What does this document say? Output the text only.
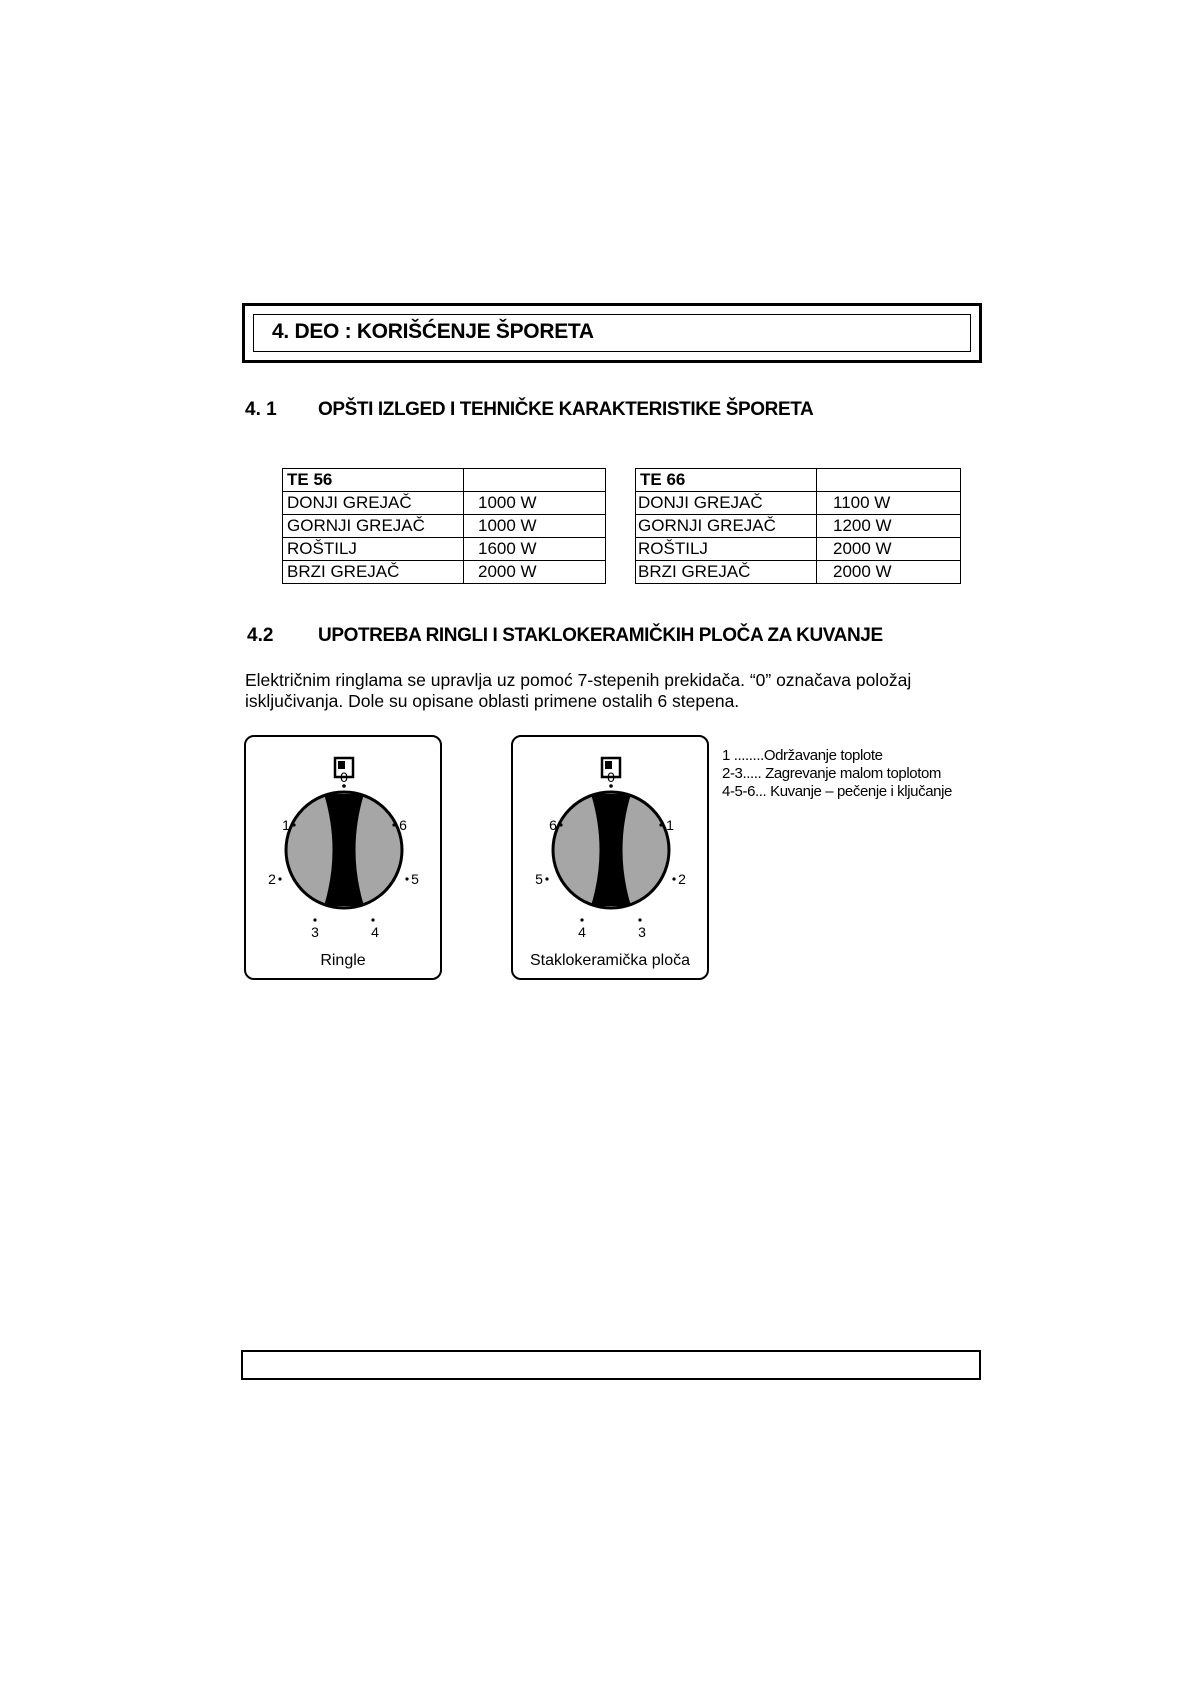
4. DEO : KORIŠĆENJE ŠPORETA
4. 1 OPŠTI IZLGED I TEHNIČKE KARAKTERISTIKE ŠPORETA
TE 56	
DONJI GREJAČ	1000 W
GORNJI GREJAČ	1000 W
ROŠTILJ	1600 W
BRZI GREJAČ	2000 W
TE 66	
DONJI GREJAČ	1100 W
GORNJI GREJAČ	1200 W
ROŠTILJ	2000 W
BRZI GREJAČ	2000 W
4.2 UPOTREBA RINGLI I STAKLOKERAMIČKIH PLOČA ZA KUVANJE
Električnim ringlama se upravlja uz pomoć 7-stepenih prekidača. “0” označava položaj
isključivanja. Dole su opisane oblasti primene ostalih 6 stepena.
0
1	6
2	5
3	4
Ringle
0
6	1
5	2
4	3
Staklokeramička ploča
1 ........Održavanje toplote
2-3..... Zagrevanje malom toplotom
4-5-6... Kuvanje – pečenje i ključanje
